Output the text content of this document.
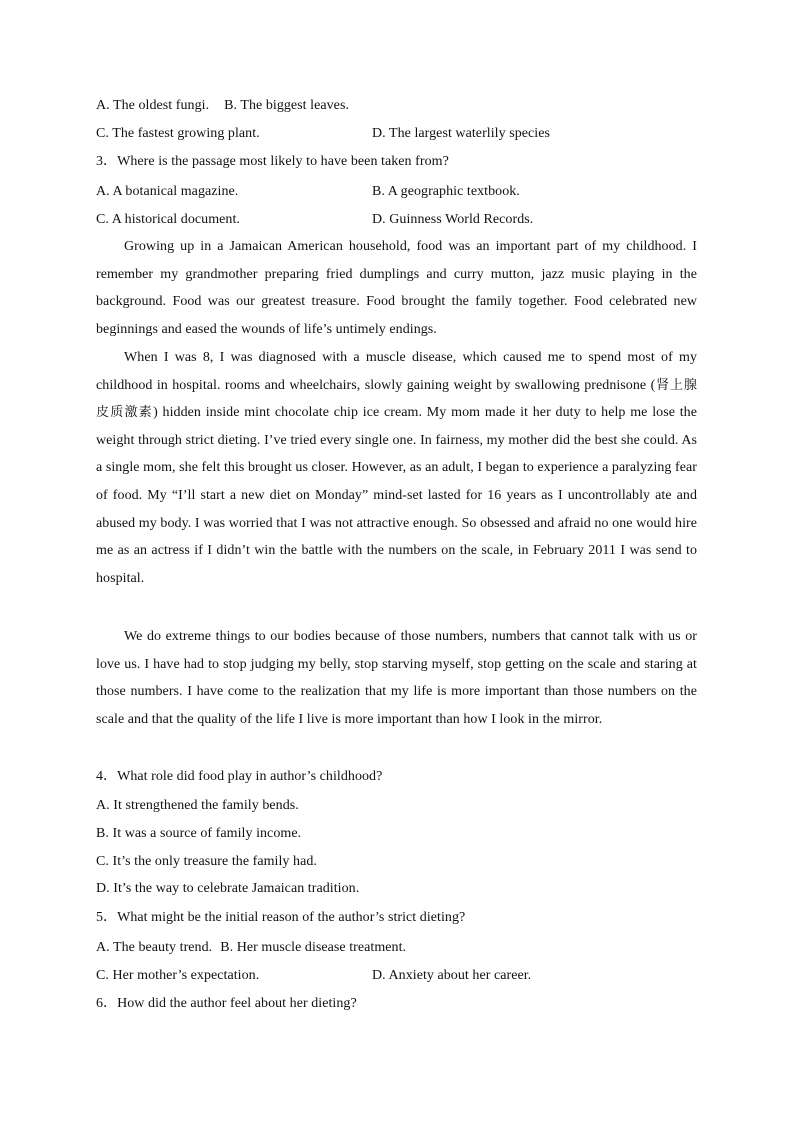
A. The oldest fungi. B. The biggest leaves.
C. The fastest growing plant.	D. The largest waterlily species
3．Where is the passage most likely to have been taken from?
A. A botanical magazine.	B. A geographic textbook.
C. A historical document.	D. Guinness World Records.

Growing up in a Jamaican American household, food was an important part of my childhood. I remember my grandmother preparing fried dumplings and curry mutton, jazz music playing in the background. Food was our greatest treasure. Food brought the family together. Food celebrated new beginnings and eased the wounds of life’s untimely endings.

When I was 8, I was diagnosed with a muscle disease, which caused me to spend most of my childhood in hospital. rooms and wheelchairs, slowly gaining weight by swallowing prednisone (肾上腺皮质激素) hidden inside mint chocolate chip ice cream. My mom made it her duty to help me lose the weight through strict dieting. I’ve tried every single one. In fairness, my mother did the best she could. As a single mom, she felt this brought us closer. However, as an adult, I began to experience a paralyzing fear of food. My “I’ll start a new diet on Monday” mind-set lasted for 16 years as I uncontrollably ate and abused my body. I was worried that I was not attractive enough. So obsessed and afraid no one would hire me as an actress if I didn’t win the battle with the numbers on the scale, in February 2011 I was send to hospital.

We do extreme things to our bodies because of those numbers, numbers that cannot talk with us or love us. I have had to stop judging my belly, stop starving myself, stop getting on the scale and staring at those numbers. I have come to the realization that my life is more important than those numbers on the scale and that the quality of the life I live is more important than how I look in the mirror.

4．What role did food play in author’s childhood?
A. It strengthened the family bends.
B. It was a source of family income.
C. It’s the only treasure the family had.
D. It’s the way to celebrate Jamaican tradition.
5．What might be the initial reason of the author’s strict dieting?
A. The beauty trend. B. Her muscle disease treatment.
C. Her mother’s expectation.	D. Anxiety about her career.
6．How did the author feel about her dieting?
